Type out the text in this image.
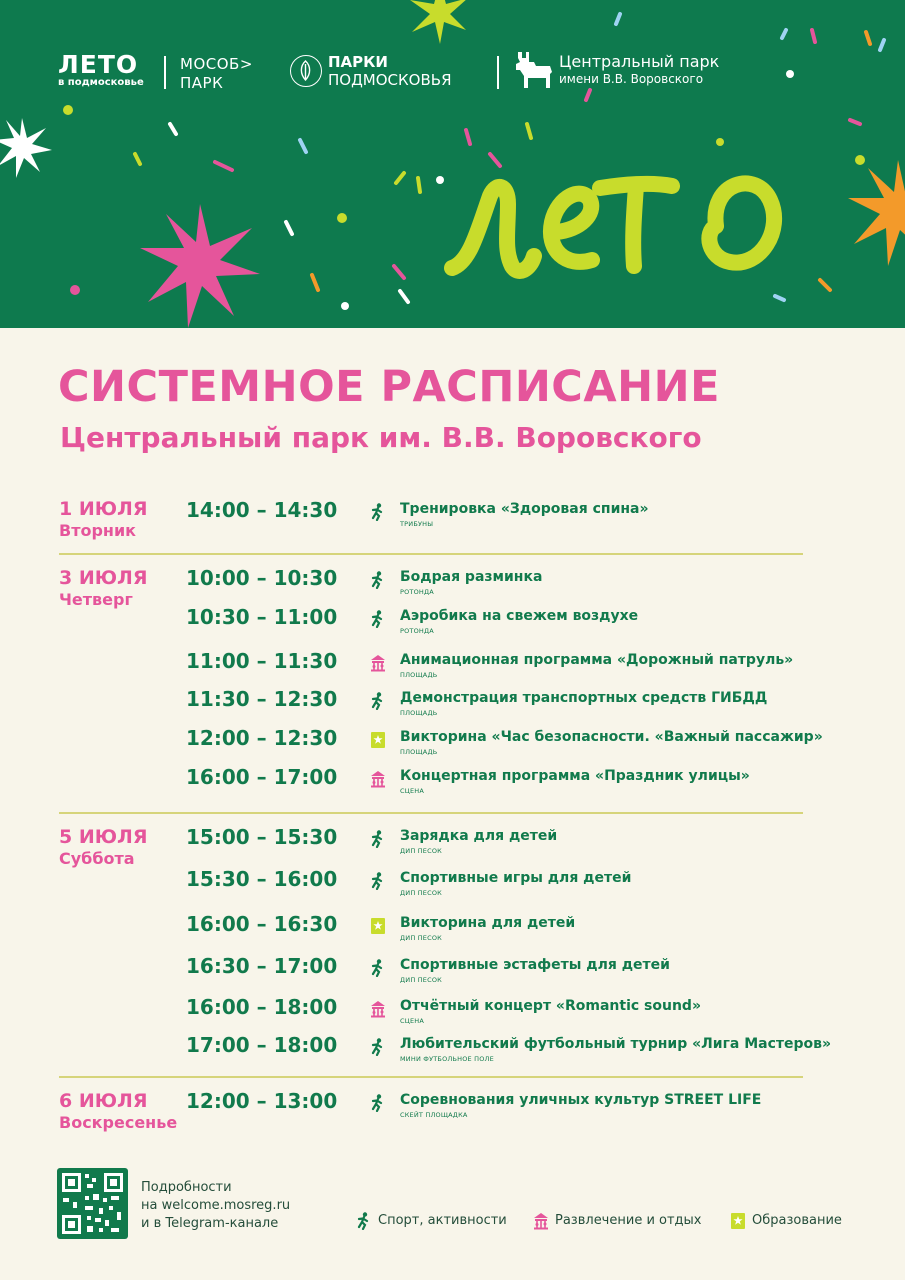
ЛЕТО
в подмосковье
МОСОБ>
ПАРК
ПАРКИ
ПОДМОСКОВЬЯ
Центральный парк
имени В.В. Воровского
СИСТЕМНОЕ РАСПИСАНИЕ
Центральный парк им. В.В. Воровского
1 ИЮЛЯ
Вторник
14:00 – 14:30	Тренировка «Здоровая спина»
ТРИБУНЫ
3 ИЮЛЯ
Четверг
10:00 – 10:30	Бодрая разминка
РОТОНДА
10:30 – 11:00	Аэробика на свежем воздухе
РОТОНДА
11:00 – 11:30	Анимационная программа «Дорожный патруль»
ПЛОЩАДЬ
11:30 – 12:30	Демонстрация транспортных средств ГИБДД
ПЛОЩАДЬ
12:00 – 12:30	Викторина «Час безопасности. «Важный пассажир»
ПЛОЩАДЬ
16:00 – 17:00	Концертная программа «Праздник улицы»
СЦЕНА
5 ИЮЛЯ
Суббота
15:00 – 15:30	Зарядка для детей
ДИП ПЕСОК
15:30 – 16:00	Спортивные игры для детей
ДИП ПЕСОК
16:00 – 16:30	Викторина для детей
ДИП ПЕСОК
16:30 – 17:00	Спортивные эстафеты для детей
ДИП ПЕСОК
16:00 – 18:00	Отчётный концерт «Romantic sound»
СЦЕНА
17:00 – 18:00	Любительский футбольный турнир «Лига Мастеров»
МИНИ ФУТБОЛЬНОЕ ПОЛЕ
6 ИЮЛЯ
Воскресенье
12:00 – 13:00	Соревнования уличных культур STREET LIFE
СКЕЙТ ПЛОЩАДКА
Подробности
на welcome.mosreg.ru
и в Telegram-канале	Спорт, активности	Развлечение и отдых	Образование
